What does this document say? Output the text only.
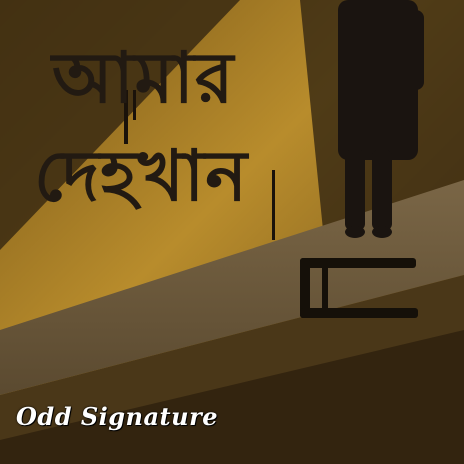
আমার
দেহখান
Odd Signature
